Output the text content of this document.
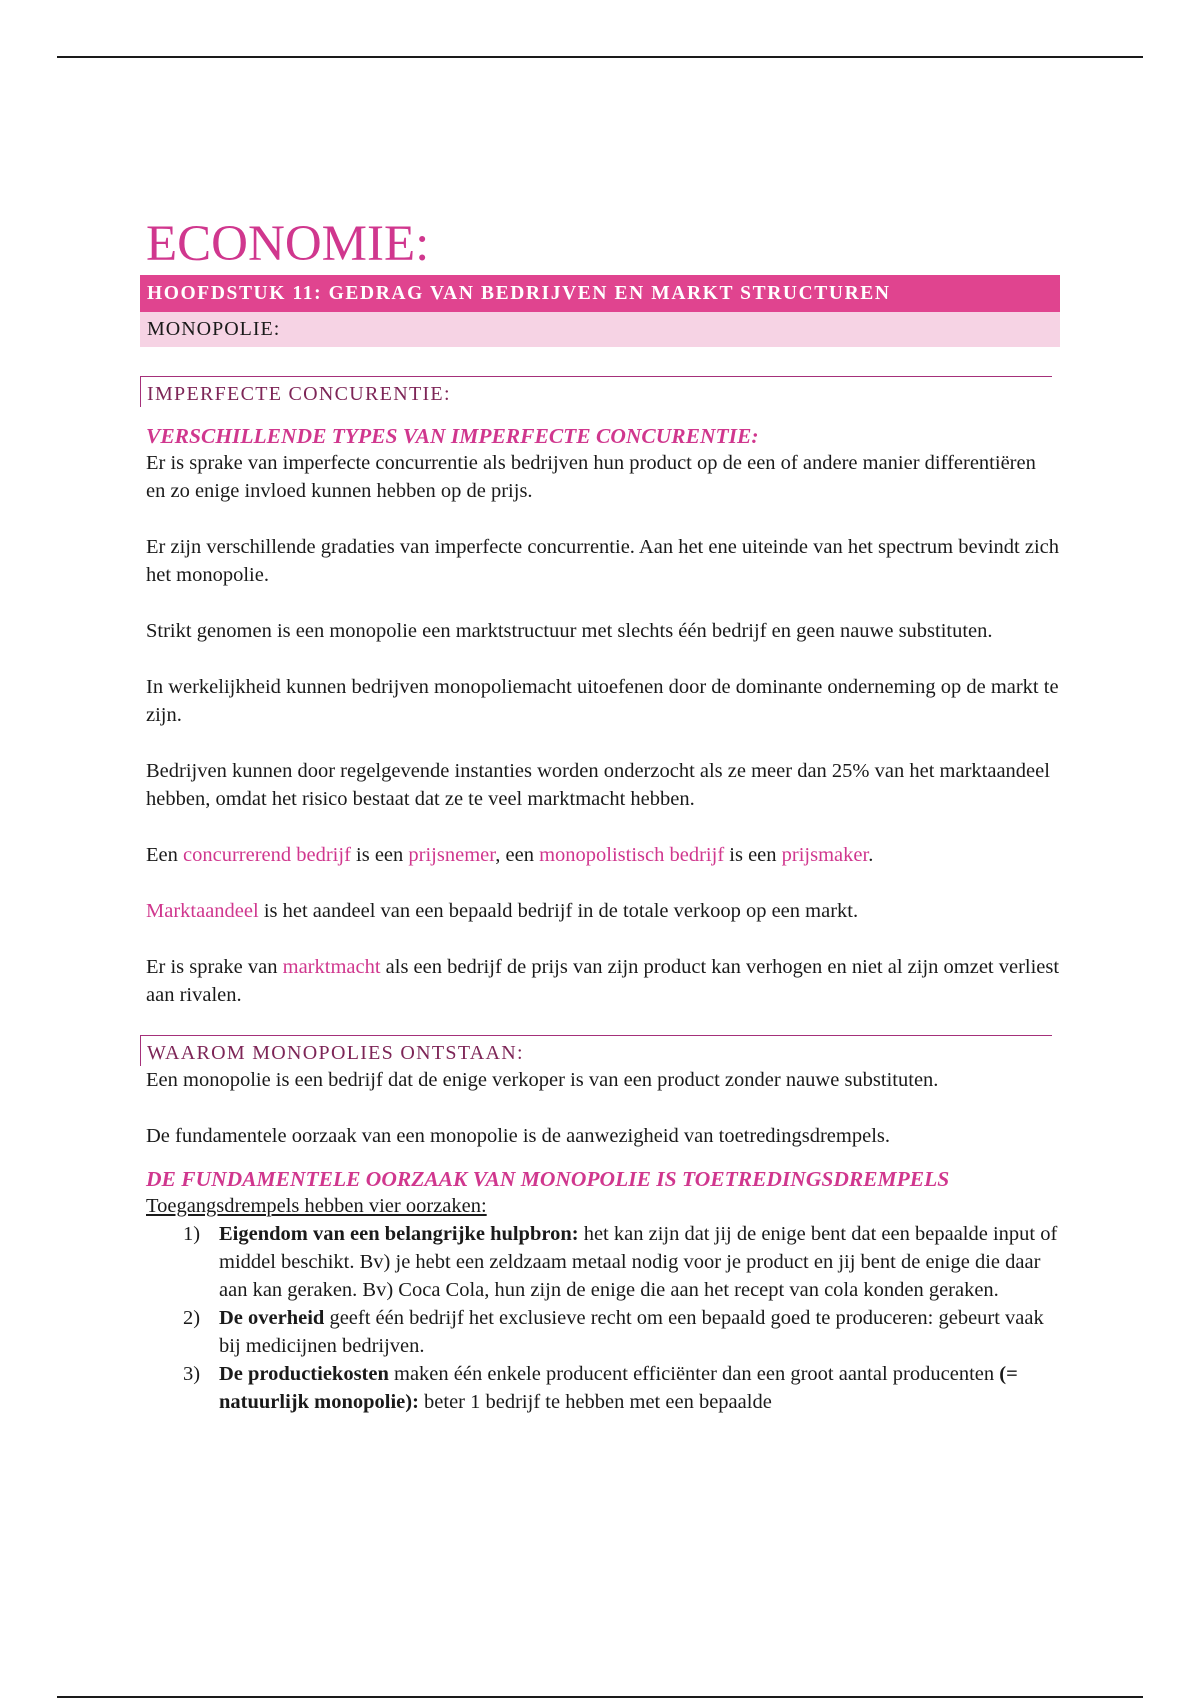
ECONOMIE:
HOOFDSTUK 11: GEDRAG VAN BEDRIJVEN EN MARKT STRUCTUREN
MONOPOLIE:
IMPERFECTE CONCURENTIE:
VERSCHILLENDE TYPES VAN IMPERFECTE CONCURENTIE:

Er is sprake van imperfecte concurrentie als bedrijven hun product op de een of andere manier differentiëren en zo enige invloed kunnen hebben op de prijs.

Er zijn verschillende gradaties van imperfecte concurrentie. Aan het ene uiteinde van het spectrum bevindt zich het monopolie.

Strikt genomen is een monopolie een marktstructuur met slechts één bedrijf en geen nauwe substituten.

In werkelijkheid kunnen bedrijven monopoliemacht uitoefenen door de dominante onderneming op de markt te zijn.

Bedrijven kunnen door regelgevende instanties worden onderzocht als ze meer dan 25% van het marktaandeel hebben, omdat het risico bestaat dat ze te veel marktmacht hebben.

Een concurrerend bedrijf is een prijsnemer, een monopolistisch bedrijf is een prijsmaker.

Marktaandeel is het aandeel van een bepaald bedrijf in de totale verkoop op een markt.

Er is sprake van marktmacht als een bedrijf de prijs van zijn product kan verhogen en niet al zijn omzet verliest aan rivalen.

WAAROM MONOPOLIES ONTSTAAN:

Een monopolie is een bedrijf dat de enige verkoper is van een product zonder nauwe substituten.

De fundamentele oorzaak van een monopolie is de aanwezigheid van toetredingsdrempels.

DE FUNDAMENTELE OORZAAK VAN MONOPOLIE IS TOETREDINGSDREMPELS

Toegangsdrempels hebben vier oorzaken:

1) Eigendom van een belangrijke hulpbron: het kan zijn dat jij de enige bent dat een bepaalde input of middel beschikt. Bv) je hebt een zeldzaam metaal nodig voor je product en jij bent de enige die daar aan kan geraken. Bv) Coca Cola, hun zijn de enige die aan het recept van cola konden geraken.
2) De overheid geeft één bedrijf het exclusieve recht om een bepaald goed te produceren: gebeurt vaak bij medicijnen bedrijven.
3) De productiekosten maken één enkele producent efficiënter dan een groot aantal producenten (= natuurlijk monopolie): beter 1 bedrijf te hebben met een bepaalde
